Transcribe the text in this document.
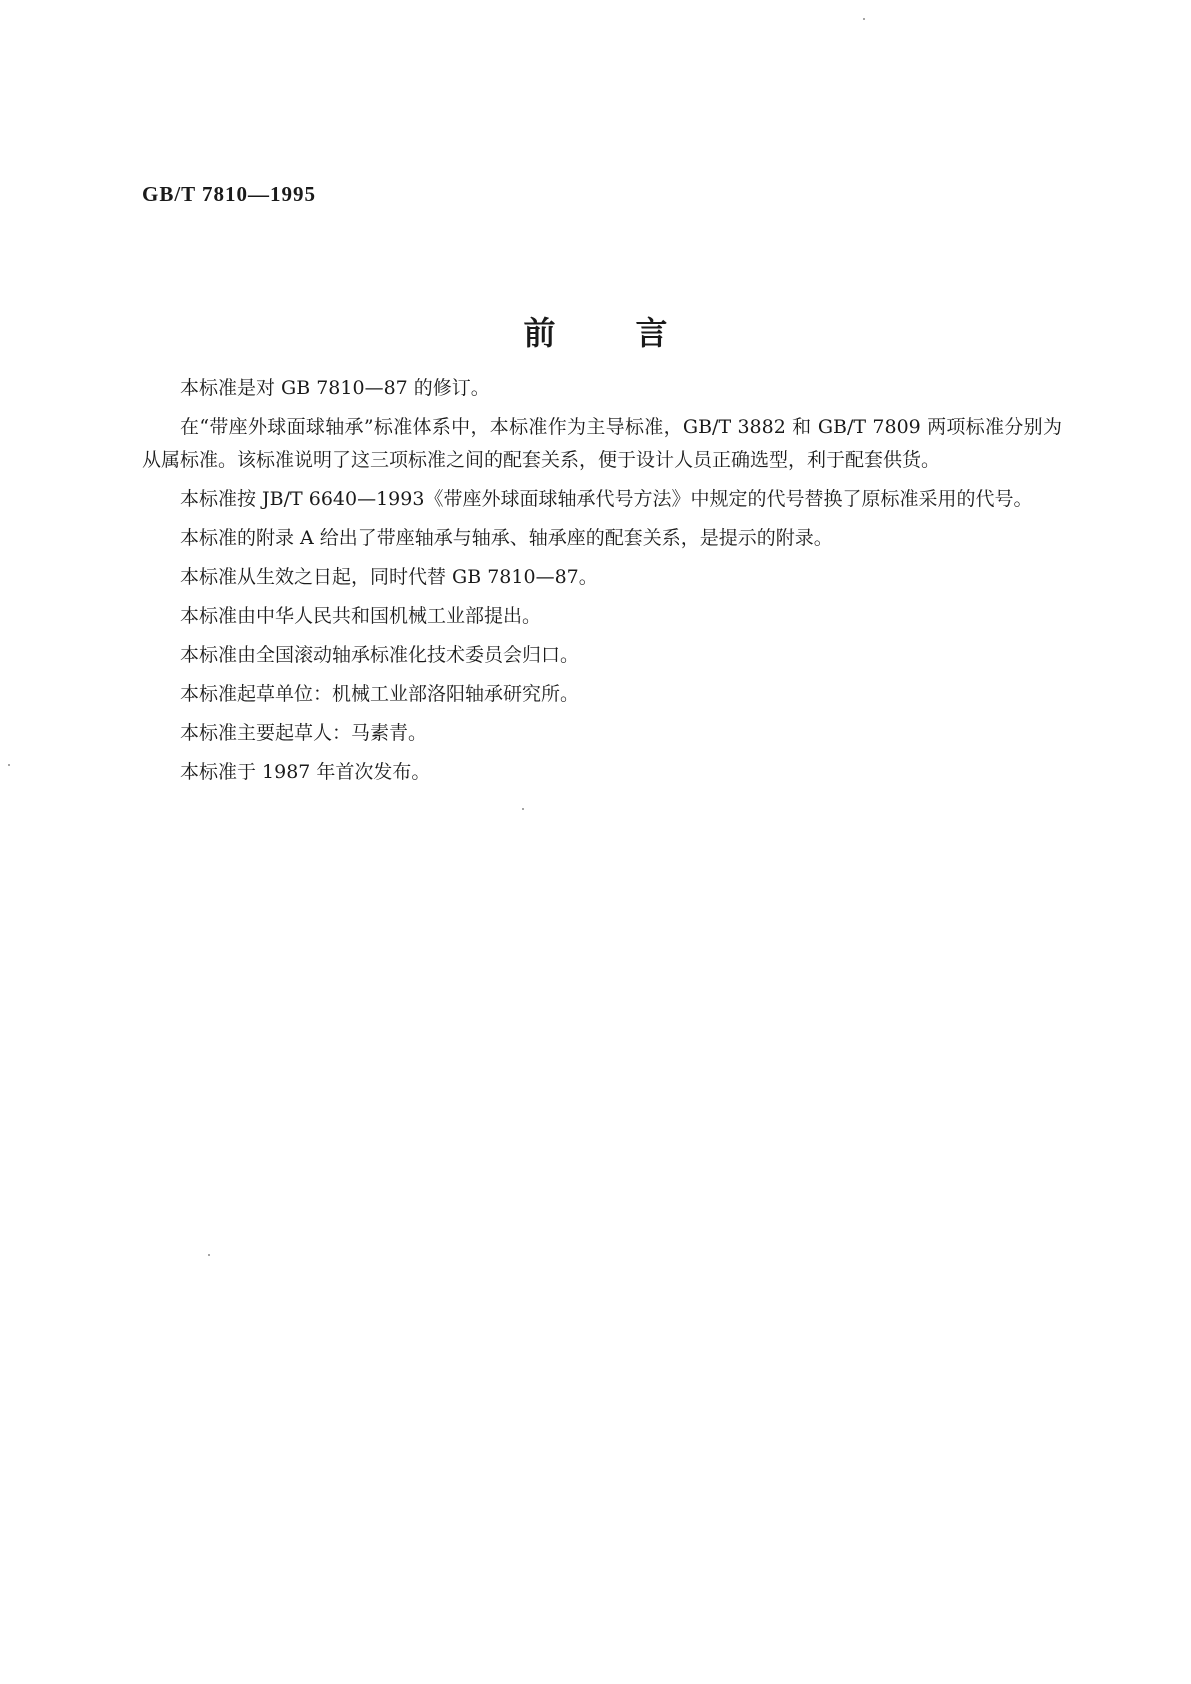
GB/T 7810—1995
前言

本标准是对 GB 7810—87 的修订。

在“带座外球面球轴承”标准体系中，本标准作为主导标准，GB/T 3882 和 GB/T 7809 两项标准分别为从属标准。该标准说明了这三项标准之间的配套关系，便于设计人员正确选型，利于配套供货。

本标准按 JB/T 6640—1993《带座外球面球轴承代号方法》中规定的代号替换了原标准采用的代号。

本标准的附录 A 给出了带座轴承与轴承、轴承座的配套关系，是提示的附录。

本标准从生效之日起，同时代替 GB 7810—87。

本标准由中华人民共和国机械工业部提出。

本标准由全国滚动轴承标准化技术委员会归口。

本标准起草单位：机械工业部洛阳轴承研究所。

本标准主要起草人：马素青。

本标准于 1987 年首次发布。
